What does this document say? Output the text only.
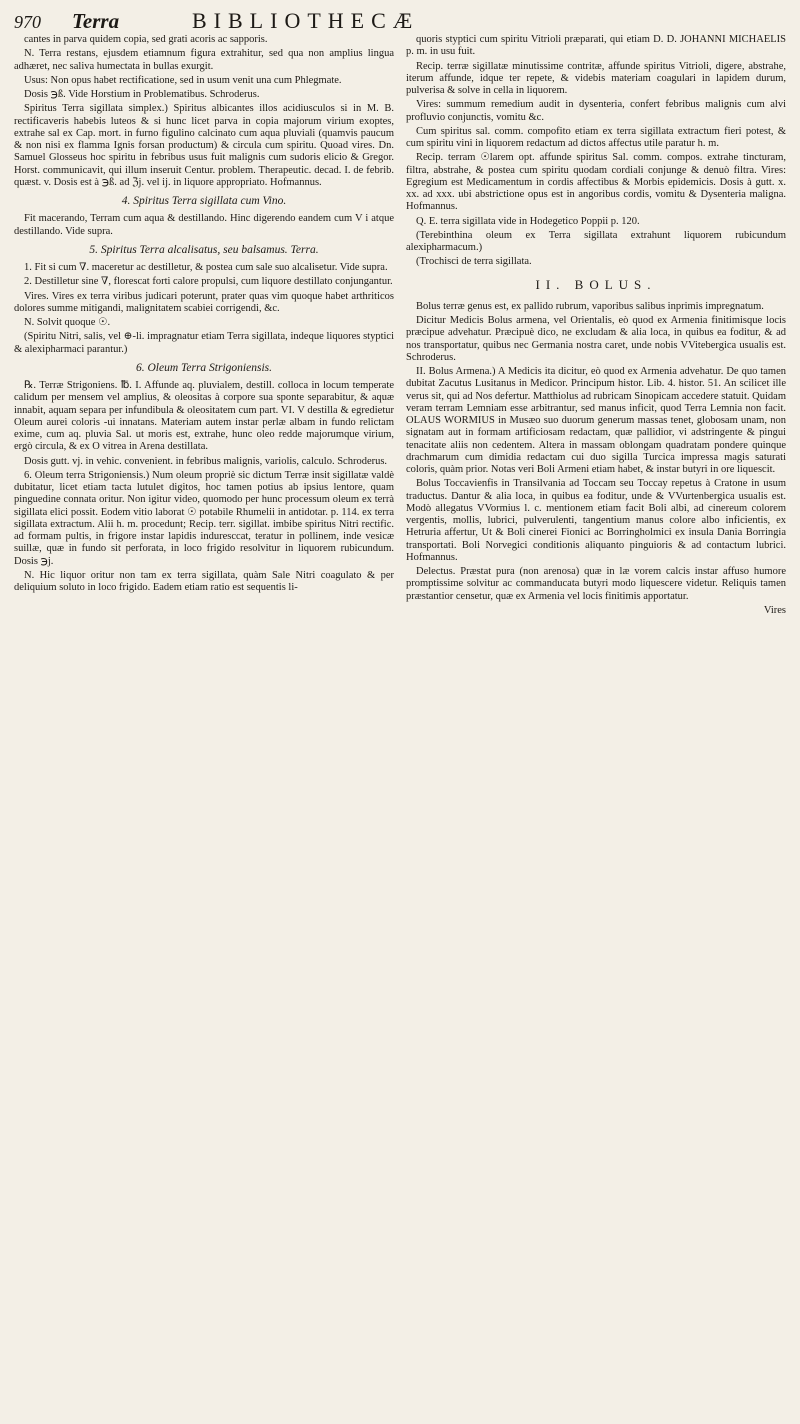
970	Terra	BIBLIOTHECÆ

cantes in parva quidem copia, sed grati acoris ac sapporis.

N. Terra restans, ejusdem etiamnum figura extrahitur, sed qua non amplius lingua adhæret, nec saliva humectata in bullas exurgit.

Usus: Non opus habet rectificatione, sed in usum venit una cum Phlegmate.

Dosis ℈ß. Vide Horstium in Problematibus. Schroderus.

Spiritus Terra sigillata simplex.) Spiritus albicantes illos acidiusculos si in M. B. rectificaveris habebis luteos & si hunc licet parva in copia majorum virium exoptes, extrahe sal ex Cap. mort. in furno figulino calcinato cum aqua pluviali (quamvis paucum & non nisi ex flamma Ignis forsan productum) & circula cum spiritu. Quoad vires. Dn. Samuel Glosseus hoc spiritu in febribus usus fuit malignis cum sudoris elicio & Gregor. Horst. communicavit, qui illum inseruit Centur. problem. Therapeutic. decad. I. de febrib. quæst. v. Dosis est à ℈ß. ad ℨj. vel ij. in liquore appropriato. Hofmannus.

4. Spiritus Terra sigillata cum Vino.

Fit macerando, Terram cum aqua & destillando. Hinc digerendo eandem cum V i atque destillando. Vide supra.

5. Spiritus Terra alcalisatus, seu balsamus. Terra.

1. Fit si cum ∇. maceretur ac destilletur, & postea cum sale suo alcalisetur. Vide supra.

2. Destilletur sine ∇, florescat forti calore propulsi, cum liquore destillato conjungantur.

Vires. Vires ex terra viribus judicari poterunt, prater quas vim quoque habet arthriticos dolores summe mitigandi, malignitatem scabiei corrigendi, &c.

N. Solvit quoque ☉.

(Spiritu Nitri, salis, vel ⊕-li. impragnatur etiam Terra sigillata, indeque liquores styptici & alexipharmaci parantur.)

6. Oleum Terra Strigoniensis.

℞. Terræ Strigoniens. ℔. I. Affunde aq. pluvialem, destill. colloca in locum temperate calidum per mensem vel amplius, & oleositas à corpore sua sponte separabitur, & aquæ innabit, aquam separa per infundibula & oleositatem cum part. VI. V destilla & egredietur Oleum aurei coloris -ui innatans. Materiam autem instar perlæ albam in fundo relictam exime, cum aq. pluvia Sal. ut moris est, extrahe, hunc oleo redde majorumque virium, ergò circula, & ex O vitrea in Arena destillata.

Dosis gutt. vj. in vehic. convenient. in febribus malignis, variolis, calculo. Schroderus.

6. Oleum terra Strigoniensis.) Num oleum propriè sic dictum Terræ insit sigillatæ valdè dubitatur, licet etiam tacta lutulet digitos, hoc tamen potius ab ipsius lentore, quam pinguedine connata oritur. Non igitur video, quomodo per hunc processum oleum ex terrà sigillata elici possit. Eodem vitio laborat ☉ potabile Rhumelii in antidotar. p. 114. ex terra sigillata extractum. Alii h. m. procedunt; Recip. terr. sigillat. imbibe spiritus Nitri rectific. ad formam pultis, in frigore instar lapidis induresccat, teratur in pollinem, inde vesicæ suillæ, quæ in fundo sit perforata, in loco frigido resolvitur in liquorem rubicundum. Dosis ℈j.

N. Hic liquor oritur non tam ex terra sigillata, quàm Sale Nitri coagulato & per deliquium soluto in loco frigido. Eadem etiam ratio est sequentis li-

quoris styptici cum spiritu Vitrioli præparati, qui etiam D. D. JOHANNI MICHAELIS p. m. in usu fuit.

Recip. terræ sigillatæ minutissime contritæ, affunde spiritus Vitrioli, digere, abstrahe, iterum affunde, idque ter repete, & videbis materiam coagulari in lapidem durum, pulverisa & solve in cella in liquorem.

Vires: summum remedium audit in dysenteria, confert febribus malignis cum alvi profluvio conjunctis, vomitu &c.

Cum spiritus sal. comm. compofito etiam ex terra sigillata extractum fieri potest, & cum spiritu vini in liquorem redactum ad dictos affectus utile paratur h. m.

Recip. terram ☉larem opt. affunde spiritus Sal. comm. compos. extrahe tincturam, filtra, abstrahe, & postea cum spiritu quodam cordiali conjunge & denuò filtra. Vires: Egregium est Medicamentum in cordis affectibus & Morbis epidemicis. Dosis à gutt. x. xx. ad xxx. ubi abstrictione opus est in angoribus cordis, vomitu & Dysenteria maligna. Hofmannus.

Q. E. terra sigillata vide in Hodegetico Poppii p. 120.

(Terebinthina oleum ex Terra sigillata extrahunt liquorem rubicundum alexipharmacum.)

(Trochisci de terra sigillata.

II. BOLUS.

Bolus terræ genus est, ex pallido rubrum, vaporibus salibus inprimis impregnatum.

Dicitur Medicis Bolus armena, vel Orientalis, eò quod ex Armenia finitimisque locis præcipue advehatur. Præcipuè dico, ne excludam & alia loca, in quibus ea foditur, & ad nos transportatur, quibus nec Germania nostra caret, unde nobis VVitebergica usualis est. Schroderus.

II. Bolus Armena.) A Medicis ita dicitur, eò quod ex Armenia advehatur. De quo tamen dubitat Zacutus Lusitanus in Medicor. Principum histor. Lib. 4. histor. 51. An scilicet ille verus sit, qui ad Nos defertur. Matthiolus ad rubricam Sinopicam accedere statuit. Quidam veram terram Lemniam esse arbitrantur, sed manus inficit, quod Terra Lemnia non facit. OLAUS WORMIUS in Musæo suo duorum generum massas tenet, globosam unam, non signatam aut in formam artificiosam redactam, quæ pallidior, vi adstringente & pingui tenacitate aliis non cedentem. Altera in massam oblongam quadratam pondere quinque drachmarum cum dimidia redactam cui duo sigilla Turcica impressa magis saturati coloris, quàm prior. Notas veri Boli Armeni etiam habet, & instar butyri in ore liquescit.

Bolus Toccavienfis in Transilvania ad Toccam seu Toccay repetus à Cratone in usum traductus. Dantur & alia loca, in quibus ea foditur, unde & VVurtenbergica usualis est. Modò allegatus VVormius l. c. mentionem etiam facit Boli albi, ad cinereum colorem vergentis, mollis, lubrici, pulverulenti, tangentium manus colore albo inficientis, ex Hetruria affertur, Ut & Boli cinerei Fionici ac Borringholmici ex insula Dania Borringia transportati. Boli Norvegici conditionis aliquanto pinguioris & ad contactum lubrici. Hofmannus.

Delectus. Præstat pura (non arenosa) quæ in læ vorem calcis instar affuso humore promptissime solvitur ac commanducata butyri modo liquescere videtur. Reliquis tamen præstantior censetur, quæ ex Armenia vel locis finitimis apportatur.

Vires
